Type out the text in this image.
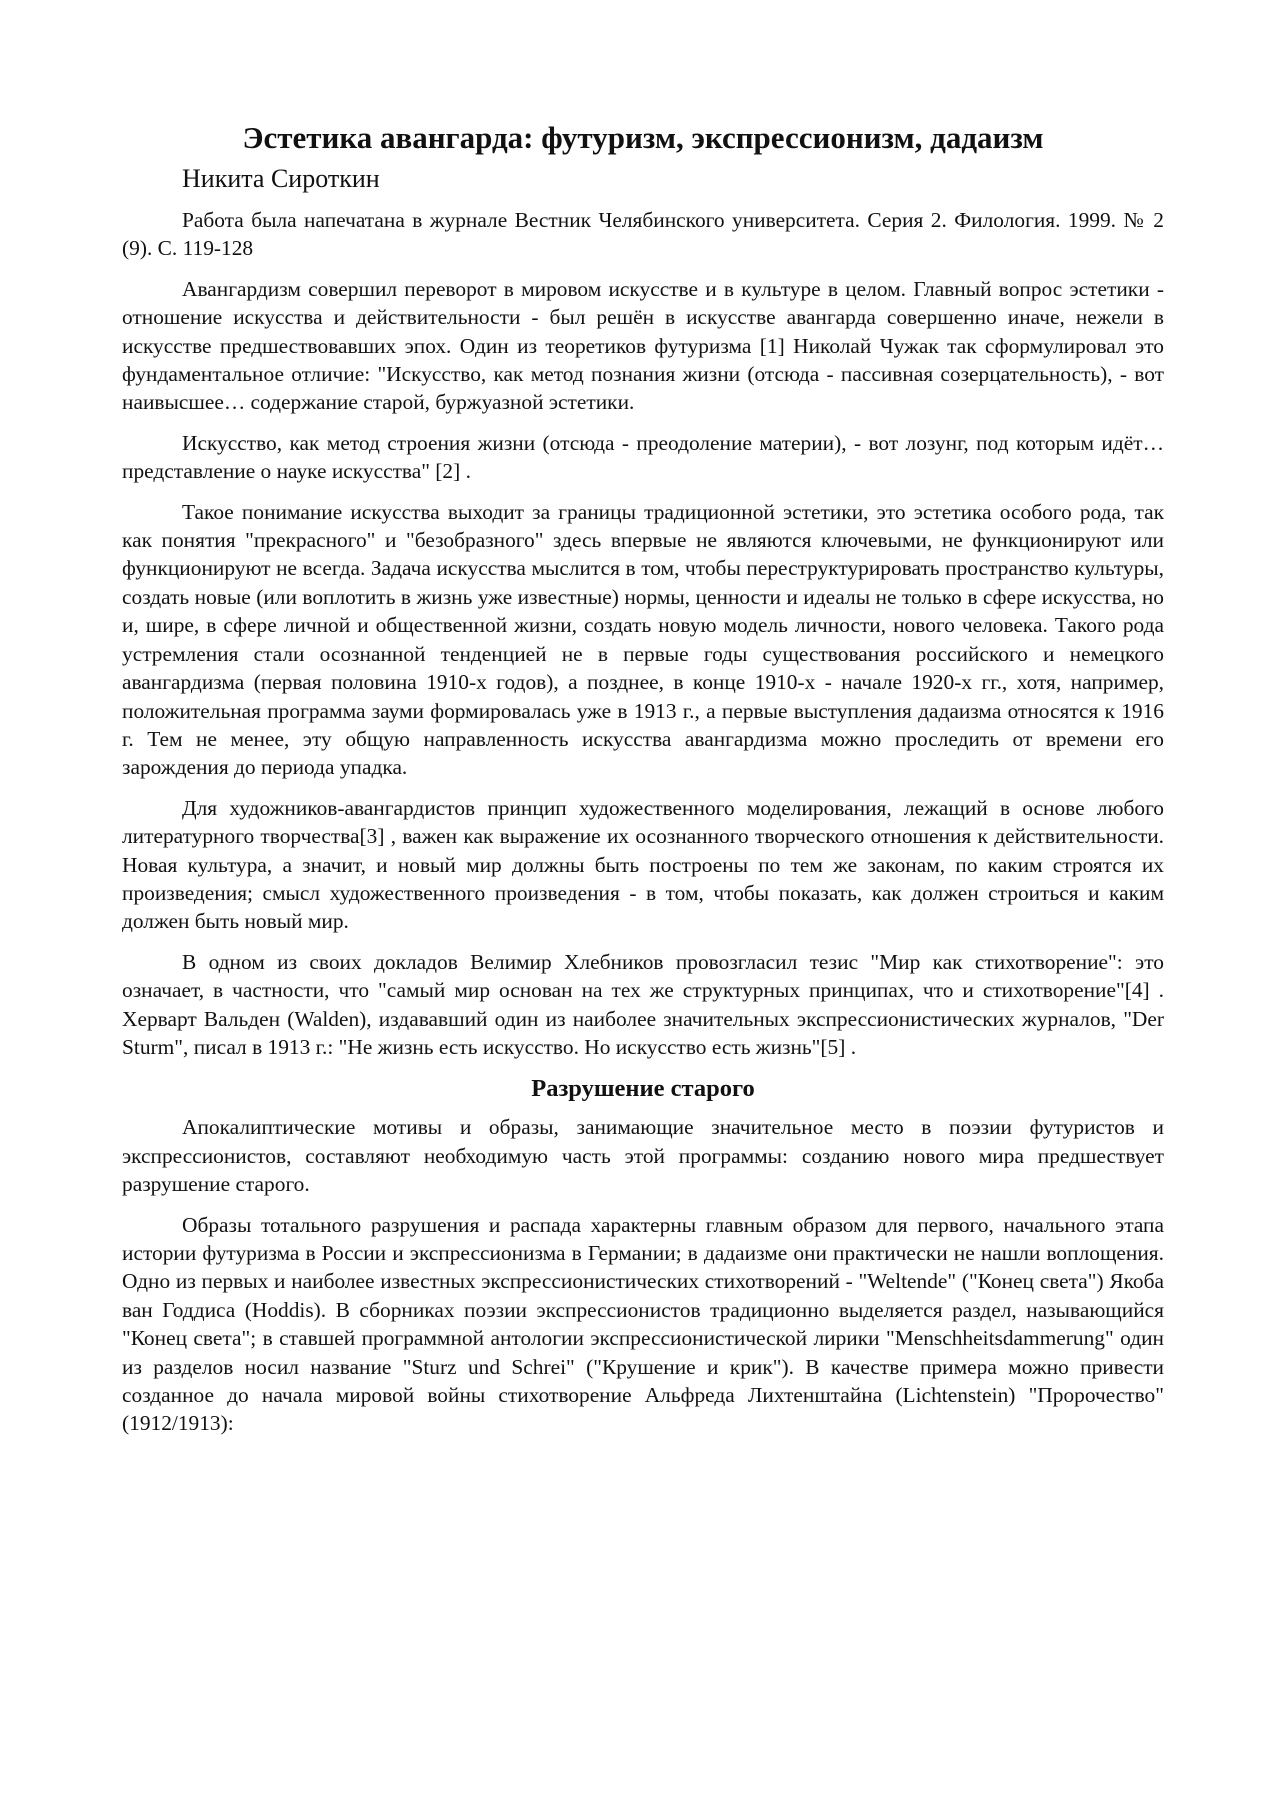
Эстетика авангарда: футуризм, экспрессионизм, дадаизм
Никита Сироткин

Работа была напечатана в журнале Вестник Челябинского университета. Серия 2. Филология. 1999. № 2 (9). С. 119-128

Авангардизм совершил переворот в мировом искусстве и в культуре в целом. Главный вопрос эстетики - отношение искусства и действительности - был решён в искусстве авангарда совершенно иначе, нежели в искусстве предшествовавших эпох. Один из теоретиков футуризма [1] Николай Чужак так сформулировал это фундаментальное отличие: "Искусство, как метод познания жизни (отсюда - пассивная созерцательность), - вот наивысшее… содержание старой, буржуазной эстетики.

Искусство, как метод строения жизни (отсюда - преодоление материи), - вот лозунг, под которым идёт… представление о науке искусства" [2] .

Такое понимание искусства выходит за границы традиционной эстетики, это эстетика особого рода, так как понятия "прекрасного" и "безобразного" здесь впервые не являются ключевыми, не функционируют или функционируют не всегда. Задача искусства мыслится в том, чтобы переструктурировать пространство культуры, создать новые (или воплотить в жизнь уже известные) нормы, ценности и идеалы не только в сфере искусства, но и, шире, в сфере личной и общественной жизни, создать новую модель личности, нового человека. Такого рода устремления стали осознанной тенденцией не в первые годы существования российского и немецкого авангардизма (первая половина 1910-х годов), а позднее, в конце 1910-х - начале 1920-х гг., хотя, например, положительная программа зауми формировалась уже в 1913 г., а первые выступления дадаизма относятся к 1916 г. Тем не менее, эту общую направленность искусства авангардизма можно проследить от времени его зарождения до периода упадка.

Для художников-авангардистов принцип художественного моделирования, лежащий в основе любого литературного творчества[3] , важен как выражение их осознанного творческого отношения к действительности. Новая культура, а значит, и новый мир должны быть построены по тем же законам, по каким строятся их произведения; смысл художественного произведения - в том, чтобы показать, как должен строиться и каким должен быть новый мир.

В одном из своих докладов Велимир Хлебников провозгласил тезис "Мир как стихотворение": это означает, в частности, что "самый мир основан на тех же структурных принципах, что и стихотворение"[4] . Херварт Вальден (Walden), издававший один из наиболее значительных экспрессионистических журналов, "Der Sturm", писал в 1913 г.: "Не жизнь есть искусство. Но искусство есть жизнь"[5] .

Разрушение старого

Апокалиптические мотивы и образы, занимающие значительное место в поэзии футуристов и экспрессионистов, составляют необходимую часть этой программы: созданию нового мира предшествует разрушение старого.

Образы тотального разрушения и распада характерны главным образом для первого, начального этапа истории футуризма в России и экспрессионизма в Германии; в дадаизме они практически не нашли воплощения. Одно из первых и наиболее известных экспрессионистических стихотворений - "Weltende" ("Конец света") Якоба ван Годдиса (Hoddis). В сборниках поэзии экспрессионистов традиционно выделяется раздел, называющийся "Конец света"; в ставшей программной антологии экспрессионистической лирики "Menschheitsdammerung" один из разделов носил название "Sturz und Schrei" ("Крушение и крик"). В качестве примера можно привести созданное до начала мировой войны стихотворение Альфреда Лихтенштайна (Lichtenstein) "Пророчество" (1912/1913):
